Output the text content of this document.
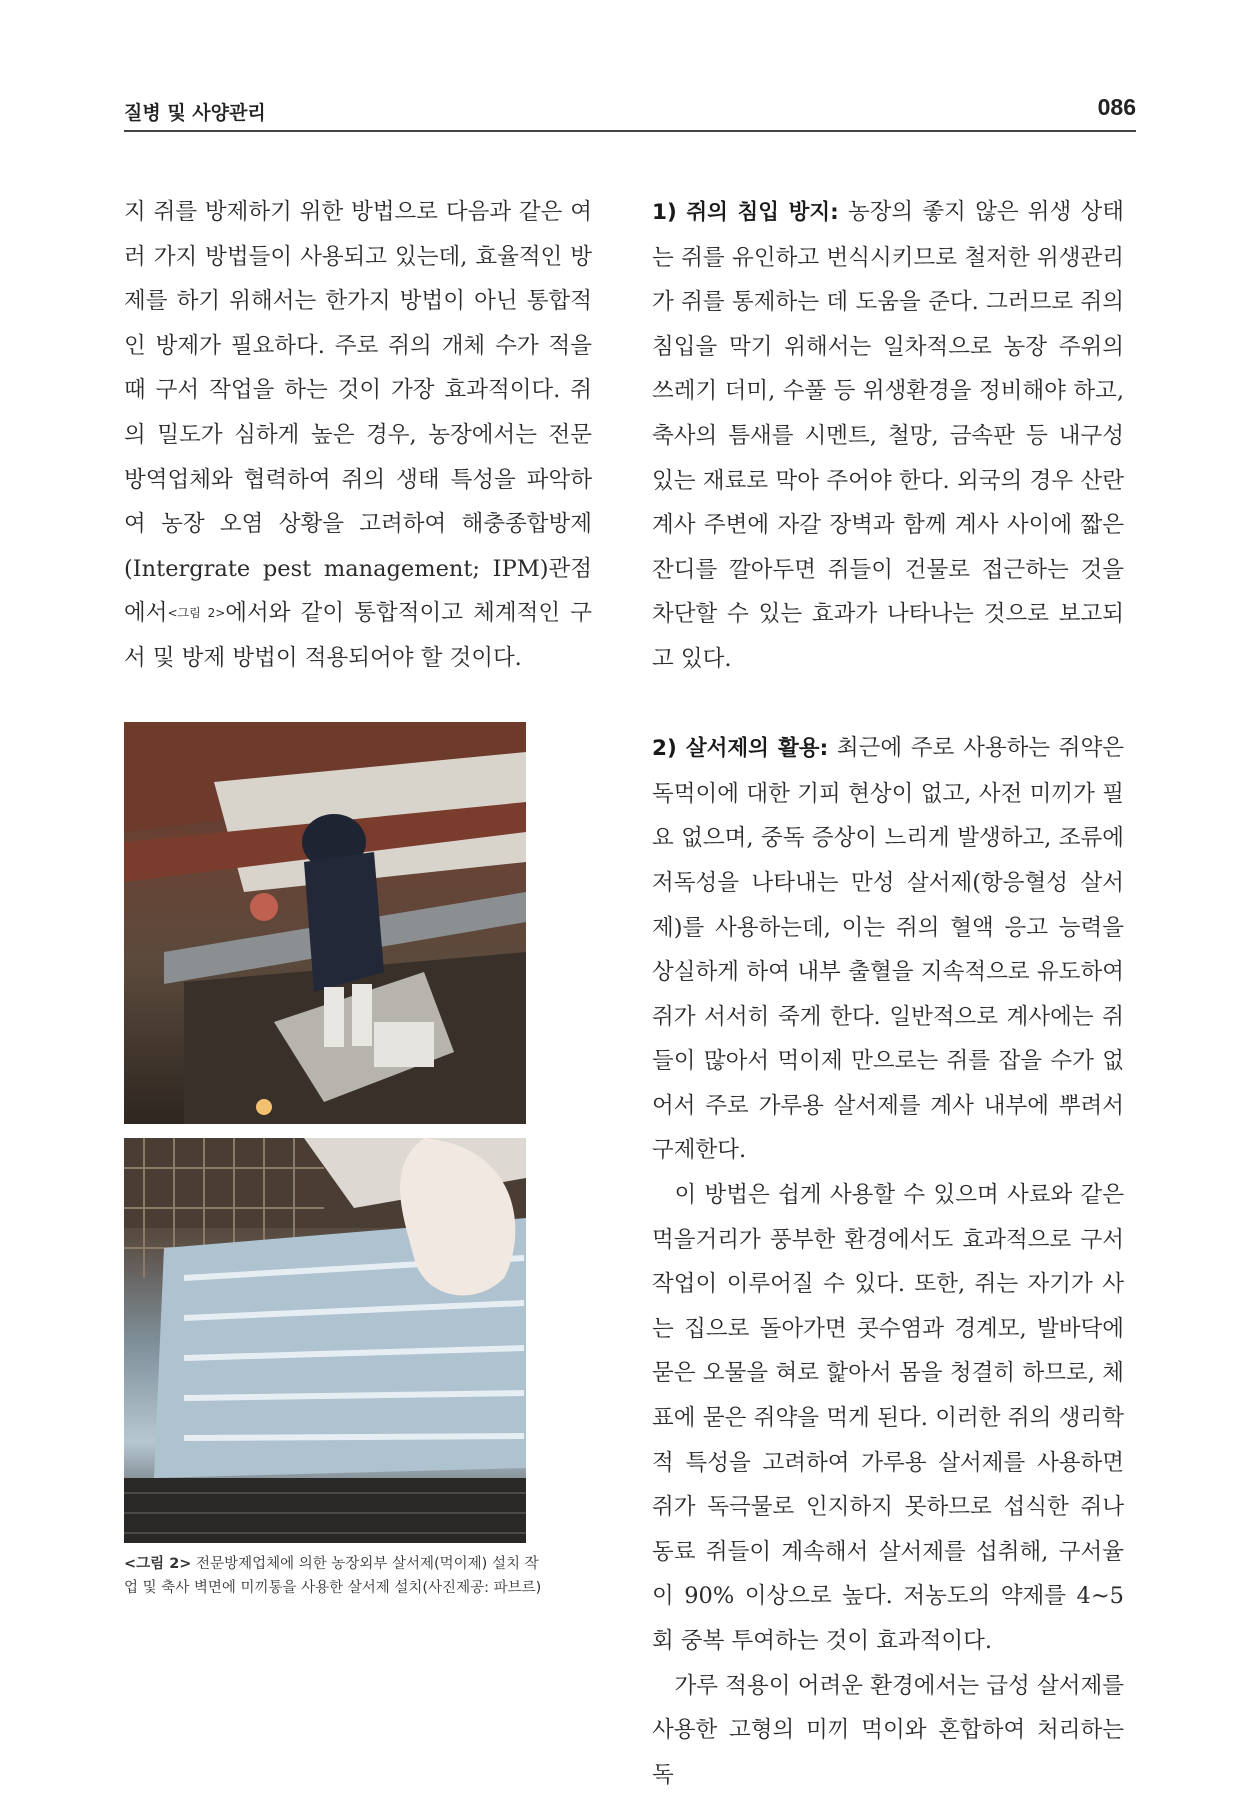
질병 및 사양관리	086

지 쥐를 방제하기 위한 방법으로 다음과 같은 여러 가지 방법들이 사용되고 있는데, 효율적인 방제를 하기 위해서는 한가지 방법이 아닌 통합적인 방제가 필요하다. 주로 쥐의 개체 수가 적을 때 구서 작업을 하는 것이 가장 효과적이다. 쥐의 밀도가 심하게 높은 경우, 농장에서는 전문 방역업체와 협력하여 쥐의 생태 특성을 파악하여 농장 오염 상황을 고려하여 해충종합방제(Intergrate pest management; IPM)관점에서<그림 2>에서와 같이 통합적이고 체계적인 구서 및 방제 방법이 적용되어야 할 것이다.

<그림 2> 전문방제업체에 의한 농장외부 살서제(먹이제) 설치 작업 및 축사 벽면에 미끼통을 사용한 살서제 설치(사진제공: 파브르)

1) 쥐의 침입 방지: 농장의 좋지 않은 위생 상태는 쥐를 유인하고 번식시키므로 철저한 위생관리가 쥐를 통제하는 데 도움을 준다. 그러므로 쥐의 침입을 막기 위해서는 일차적으로 농장 주위의 쓰레기 더미, 수풀 등 위생환경을 정비해야 하고, 축사의 틈새를 시멘트, 철망, 금속판 등 내구성 있는 재료로 막아 주어야 한다. 외국의 경우 산란계사 주변에 자갈 장벽과 함께 계사 사이에 짧은 잔디를 깔아두면 쥐들이 건물로 접근하는 것을 차단할 수 있는 효과가 나타나는 것으로 보고되고 있다.

2) 살서제의 활용: 최근에 주로 사용하는 쥐약은 독먹이에 대한 기피 현상이 없고, 사전 미끼가 필요 없으며, 중독 증상이 느리게 발생하고, 조류에 저독성을 나타내는 만성 살서제(항응혈성 살서제)를 사용하는데, 이는 쥐의 혈액 응고 능력을 상실하게 하여 내부 출혈을 지속적으로 유도하여 쥐가 서서히 죽게 한다. 일반적으로 계사에는 쥐들이 많아서 먹이제 만으로는 쥐를 잡을 수가 없어서 주로 가루용 살서제를 계사 내부에 뿌려서 구제한다.

이 방법은 쉽게 사용할 수 있으며 사료와 같은 먹을거리가 풍부한 환경에서도 효과적으로 구서 작업이 이루어질 수 있다. 또한, 쥐는 자기가 사는 집으로 돌아가면 콧수염과 경계모, 발바닥에 묻은 오물을 혀로 핥아서 몸을 청결히 하므로, 체표에 묻은 쥐약을 먹게 된다. 이러한 쥐의 생리학적 특성을 고려하여 가루용 살서제를 사용하면 쥐가 독극물로 인지하지 못하므로 섭식한 쥐나 동료 쥐들이 계속해서 살서제를 섭취해, 구서율이 90% 이상으로 높다. 저농도의 약제를 4~5회 중복 투여하는 것이 효과적이다.

가루 적용이 어려운 환경에서는 급성 살서제를 사용한 고형의 미끼 먹이와 혼합하여 처리하는 독
